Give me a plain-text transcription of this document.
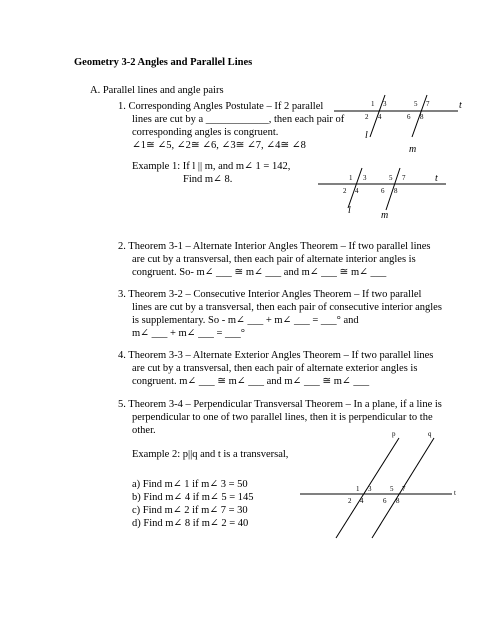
Geometry 3-2 Angles and Parallel Lines
A. Parallel lines and angle pairs
1. Corresponding Angles Postulate – If 2 parallel
lines are cut by a ____________, then each pair of
corresponding angles is congruent.
∠1≅ ∠5, ∠2≅ ∠6, ∠3≅ ∠7, ∠4≅ ∠8
t
1 3
2 4
5 7
6 8
l
m
Example 1: If l || m, and m∠ 1 = 142,
Find m∠ 8.	t
1 3
2 4
5 7
6 8
l	m
2. Theorem 3-1 – Alternate Interior Angles Theorem – If two parallel lines
are cut by a transversal, then each pair of alternate interior angles is
congruent. So- m∠ ___ ≅ m∠ ___ and m∠ ___ ≅ m∠ ___
3. Theorem 3-2 – Consecutive Interior Angles Theorem – If two parallel
lines are cut by a transversal, then each pair of consecutive interior angles
is supplementary. So - m∠ ___ + m∠ ___ = ___° and
m∠ ___ + m∠ ___ = ___°
4. Theorem 3-3 – Alternate Exterior Angles Theorem – If two parallel lines
are cut by a transversal, then each pair of alternate exterior angles is
congruent. m∠ ___ ≅ m∠ ___ and m∠ ___ ≅ m∠ ___
5. Theorem 3-4 – Perpendicular Transversal Theorem – In a plane, if a line is
perpendicular to one of two parallel lines, then it is perpendicular to the
other.
Example 2: p||q and t is a transversal,
a) Find m∠ 1 if m∠ 3 = 50
b) Find m∠ 4 if m∠ 5 = 145
c) Find m∠ 2 if m∠ 7 = 30
d) Find m∠ 8 if m∠ 2 = 40
p	q
t
1 3
2 4
5 7
6 8
